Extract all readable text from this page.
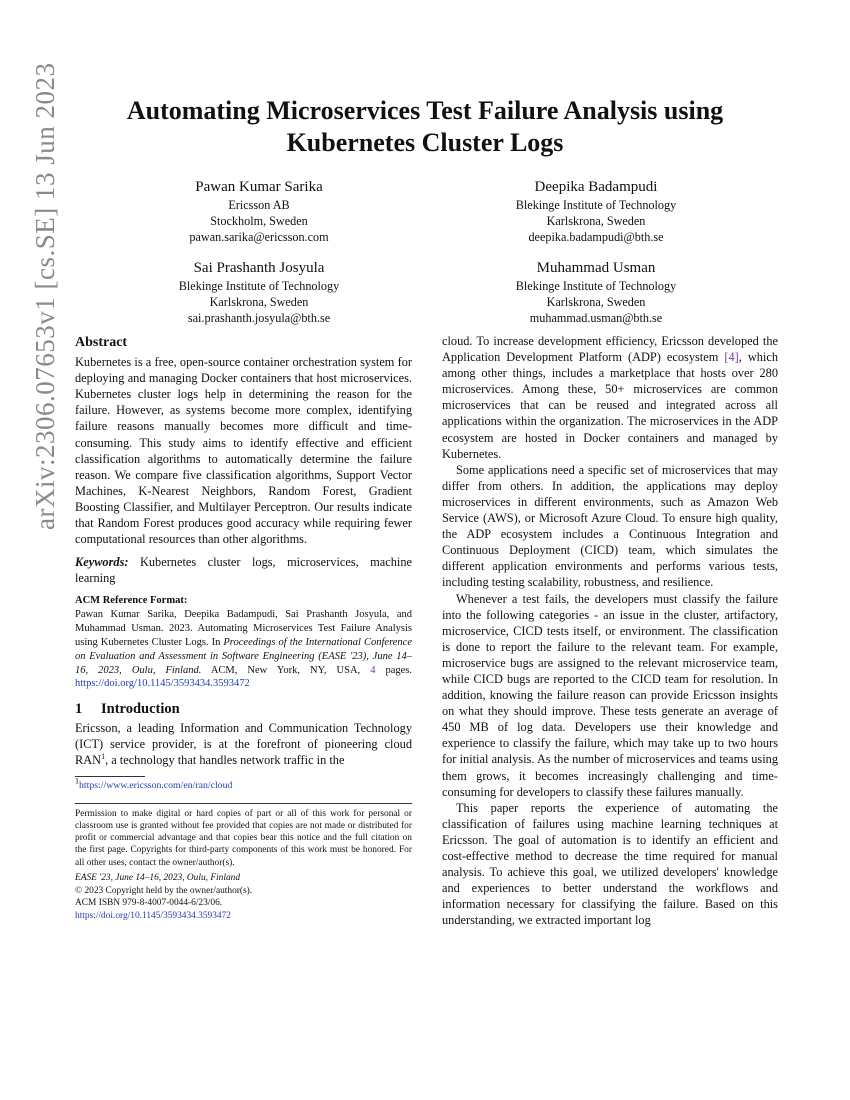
arXiv:2306.07653v1 [cs.SE] 13 Jun 2023	Automating Microservices Test Failure Analysis using
Kubernetes Cluster Logs
Pawan Kumar Sarika
Ericsson AB
Stockholm, Sweden
pawan.sarika@ericsson.com
Deepika Badampudi
Blekinge Institute of Technology
Karlskrona, Sweden
deepika.badampudi@bth.se
Sai Prashanth Josyula
Blekinge Institute of Technology
Karlskrona, Sweden
sai.prashanth.josyula@bth.se
Muhammad Usman
Blekinge Institute of Technology
Karlskrona, Sweden
muhammad.usman@bth.se
Abstract

Kubernetes is a free, open-source container orchestration system for deploying and managing Docker containers that host microservices. Kubernetes cluster logs help in determining the reason for the failure. However, as systems become more complex, identifying failure reasons manually becomes more difficult and time-consuming. This study aims to identify effective and efficient classification algorithms to automatically determine the failure reason. We compare five classification algorithms, Support Vector Machines, K-Nearest Neighbors, Random Forest, Gradient Boosting Classifier, and Multilayer Perceptron. Our results indicate that Random Forest produces good accuracy while requiring fewer computational resources than other algorithms.

Keywords: Kubernetes cluster logs, microservices, machine learning

ACM Reference Format:

Pawan Kumar Sarika, Deepika Badampudi, Sai Prashanth Josyula, and Muhammad Usman. 2023. Automating Microservices Test Failure Analysis using Kubernetes Cluster Logs. In Proceedings of the International Conference on Evaluation and Assessment in Software Engineering (EASE '23), June 14–16, 2023, Oulu, Finland. ACM, New York, NY, USA, 4 pages. https://doi.org/10.1145/3593434.3593472

1 Introduction

Ericsson, a leading Information and Communication Technology (ICT) service provider, is at the forefront of pioneering cloud RAN$^1$, a technology that handles network traffic in the

$^1$https://www.ericsson.com/en/ran/cloud

Permission to make digital or hard copies of part or all of this work for personal or classroom use is granted without fee provided that copies are not made or distributed for profit or commercial advantage and that copies bear this notice and the full citation on the first page. Copyrights for third-party components of this work must be honored. For all other uses, contact the owner/author(s).

EASE '23, June 14–16, 2023, Oulu, Finland

© 2023 Copyright held by the owner/author(s).

ACM ISBN 979-8-4007-0044-6/23/06.

https://doi.org/10.1145/3593434.3593472

cloud. To increase development efficiency, Ericsson developed the Application Development Platform (ADP) ecosystem [4], which among other things, includes a marketplace that hosts over 280 microservices. Among these, 50+ microservices are common microservices that can be reused and integrated across all applications within the organization. The microservices in the ADP ecosystem are hosted in Docker containers and managed by Kubernetes.

Some applications need a specific set of microservices that may differ from others. In addition, the applications may deploy microservices in different environments, such as Amazon Web Service (AWS), or Microsoft Azure Cloud. To ensure high quality, the ADP ecosystem includes a Continuous Integration and Continuous Deployment (CICD) team, which simulates the different application environments and performs various tests, including testing scalability, robustness, and resilience.

Whenever a test fails, the developers must classify the failure into the following categories - an issue in the cluster, artifactory, microservice, CICD tests itself, or environment. The classification is done to report the failure to the relevant team. For example, microservice bugs are assigned to the relevant microservice team, while CICD bugs are reported to the CICD team for resolution. In addition, knowing the failure reason can provide Ericsson insights on what they should improve. These tests generate an average of 450 MB of log data. Developers use their knowledge and experience to classify the failure, which may take up to two hours for initial analysis. As the number of microservices and teams using them grows, it becomes increasingly challenging and time-consuming for developers to classify these failures manually.

This paper reports the experience of automating the classification of failures using machine learning techniques at Ericsson. The goal of automation is to identify an efficient and cost-effective method to decrease the time required for manual analysis. To achieve this goal, we utilized developers' knowledge and experiences to better understand the workflows and information necessary for classifying the failure. Based on this understanding, we extracted important log
